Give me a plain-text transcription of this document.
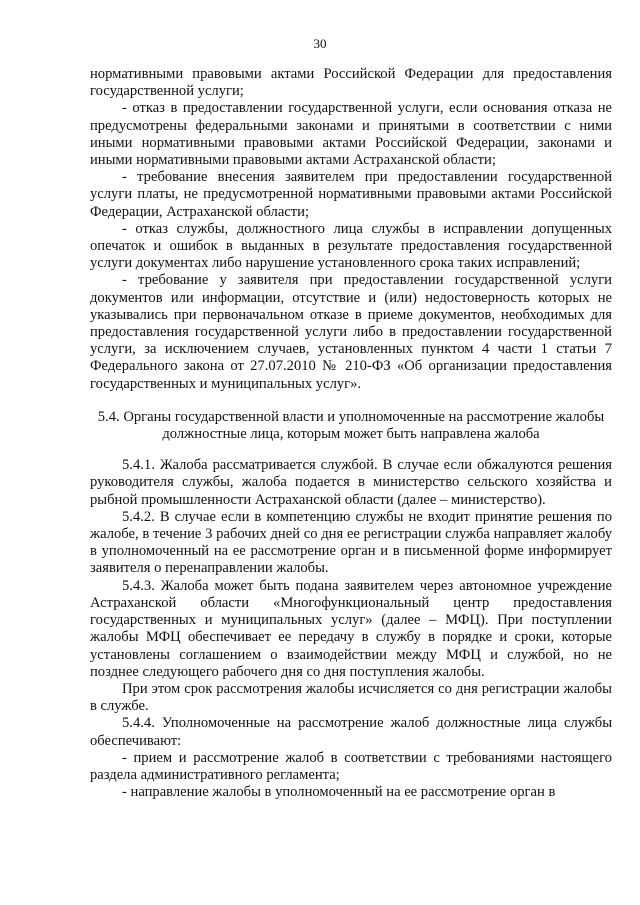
30

нормативными правовыми актами Российской Федерации для предоставления государственной услуги;

- отказ в предоставлении государственной услуги, если основания отказа не предусмотрены федеральными законами и принятыми в соответствии с ними иными нормативными правовыми актами Российской Федерации, законами и иными нормативными правовыми актами Астраханской области;

- требование внесения заявителем при предоставлении государственной услуги платы, не предусмотренной нормативными правовыми актами Российской Федерации, Астраханской области;

- отказ службы, должностного лица службы в исправлении допущенных опечаток и ошибок в выданных в результате предоставления государственной услуги документах либо нарушение установленного срока таких исправлений;

- требование у заявителя при предоставлении государственной услуги документов или информации, отсутствие и (или) недостоверность которых не указывались при первоначальном отказе в приеме документов, необходимых для предоставления государственной услуги либо в предоставлении государственной услуги, за исключением случаев, установленных пунктом 4 части 1 статьи 7 Федерального закона от 27.07.2010 № 210-ФЗ «Об организации предоставления государственных и муниципальных услуг».

5.4. Органы государственной власти и уполномоченные на рассмотрение жалобы должностные лица, которым может быть направлена жалоба

5.4.1. Жалоба рассматривается службой. В случае если обжалуются решения руководителя службы, жалоба подается в министерство сельского хозяйства и рыбной промышленности Астраханской области (далее – министерство).

5.4.2. В случае если в компетенцию службы не входит принятие решения по жалобе, в течение 3 рабочих дней со дня ее регистрации служба направляет жалобу в уполномоченный на ее рассмотрение орган и в письменной форме информирует заявителя о перенаправлении жалобы.

5.4.3. Жалоба может быть подана заявителем через автономное учреждение Астраханской области «Многофункциональный центр предоставления государственных и муниципальных услуг» (далее – МФЦ). При поступлении жалобы МФЦ обеспечивает ее передачу в службу в порядке и сроки, которые установлены соглашением о взаимодействии между МФЦ и службой, но не позднее следующего рабочего дня со дня поступления жалобы.

При этом срок рассмотрения жалобы исчисляется со дня регистрации жалобы в службе.

5.4.4. Уполномоченные на рассмотрение жалоб должностные лица службы обеспечивают:

- прием и рассмотрение жалоб в соответствии с требованиями настоящего раздела административного регламента;

- направление жалобы в уполномоченный на ее рассмотрение орган в
